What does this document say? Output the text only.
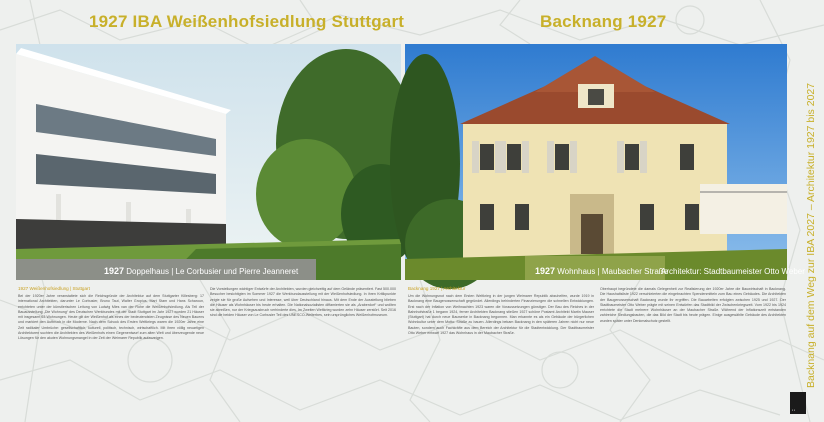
1927 IBA Weißenhofsiedlung Stuttgart	Backnang 1927
Backnang auf dem Weg zur IBA 2027 – Architektur 1927 bis 2027
1927 Doppelhaus | Le Corbusier und Pierre Jeanneret	1927 Wohnhaus | Maubacher Straße
Architektur: Stadtbaumeister Otto Weber
1927 Weißenhofsiedlung | Stuttgart
Bei der 1920er Jahre veranstaltete sich die Reichsgründe der Architektur auf dem Stuttgarter Killesberg: 17 international Architekten, darunter Le Corbusier, Bruno Taut, Walter Gropius, Mart Stam und Hans Scharoun, errichteten unter der künstlerischen Leitung von Ludwig Mies van der Rohe die Weißenhofsiedlung. Als Teil der Bauausstellung „Die Wohnung“ des Deutschen Werkbundes mit der Stadt Stuttgart im Jahr 1927 wurden 21 Häuser mit insgesamt 63 Wohnungen. Heute gilt der Weißenhof als eines der bedeutendsten Zeugnisse des Neuen Bauens und markiert den Aufbruch in die Moderne. Nach dem Schock des Ersten Weltkriegs waren die 1920er Jahre eine Zeit radikaler Umbrüche: gesellschaftlich, kulturell, politisch, technisch, wirtschaftlich. Mit ihren völlig neuartigen Architekturen suchten die Architekten des Weißenhofs einen Gegenentwurf zum alten Welt und überzeugende neue Lösungen für den akuten Wohnungsmangel in der Zeit der Weimarer Republik aufzuzeigen.
Die Vorstellungen wichtiger Entwürfe der Architekten, wurden gleichzeitig auf dem Gelände präsentiert. Fast 500.000 Besucher besichtigten im Sommer 1927 die Werkbundausstellung mit der Weißenhofsiedlung. In ihren Kritikpunkte zeigte sie für große Aufsehen und Interesse, weil über Deutschland hinaus. Mit dem Ende der Ausstellung blieben die Häuser als Wohnhäuser bis heute erhalten. Die Nationalsozialisten diffamierten sie als „Araberdorf“ und wollten sie abreißen, nur der Kriegsausbruch verhinderte dies. Im Zweiten Weltkrieg wurden zehn Häuser zerstört. Seit 2016 sind die beiden Häuser von Le Corbusier Teil des UNESCO-Welterbes, sein ursprüngliches Weißenhofmuseum.
Backnang 1927 | Architektur
Um die Wohnungsnot nach dem Ersten Weltkrieg in der jungen Weimarer Republik abzuhelfen, wurde 1919 in Backnang eine Baugenossenschaft gegründet. Allerdings behinderten Finanzierungen die schnellen Entwicklungen. Erst nach der Inflation von Weihnachten 1923 waren die Voraussetzungen günstiger. Der Bau des Reiches in der Bahnhofstraße 1 begann 1924, ferner Architekten Backnang stießen 1927 schöne Postamt Architekt Martin Mauser (Stuttgart) hat durch neue Bauwerke in Backnang begonnen. Man erkannte es als ein Gebäude der bürgerlichen Wohnkultur unter dem Motto: Straße zu bauen. Allerdings bekam Backnang in den späteren Jahren nicht nur neue Bauten, sondern auch Fachkräfte aus dem Bereich der Architektur für die Stadtentwicklung. Der Stadtbaumeister Otto Weber entwarf 1927 das Wohnhaus in der Maubacher Straße.
Oberhaupt begründete die damals Gelegenheit zur Realisierung der 1920er Jahre die Bauwirtschaft in Backnang. Die Haushaltsliste 1922 verschleierten die eingebrachten Spendenmitteln zum Bau eines Gebäudes. Die Architekten der Baugenossenschaft Backnang wurde ihr ergriffen. Die Bauarbeiten erfolgten zwischen 1925 und 1927. Der Stadtbaumeister Otto Weber prägte mit seinen Entwürfen das Stadtbild der Zwischenkriegszeit. Vom 1922 bis 1924 errichtete die Stadt mehrere Wohnhäuser an der Maubacher Straße. Während der Inflationszeit entstanden zahlreiche Siedlungsbauten, die das Bild der Stadt bis heute prägen. Einige ausgewählte Gebäude des Architekten wurden später unter Denkmalschutz gestellt.
▪ ▪
